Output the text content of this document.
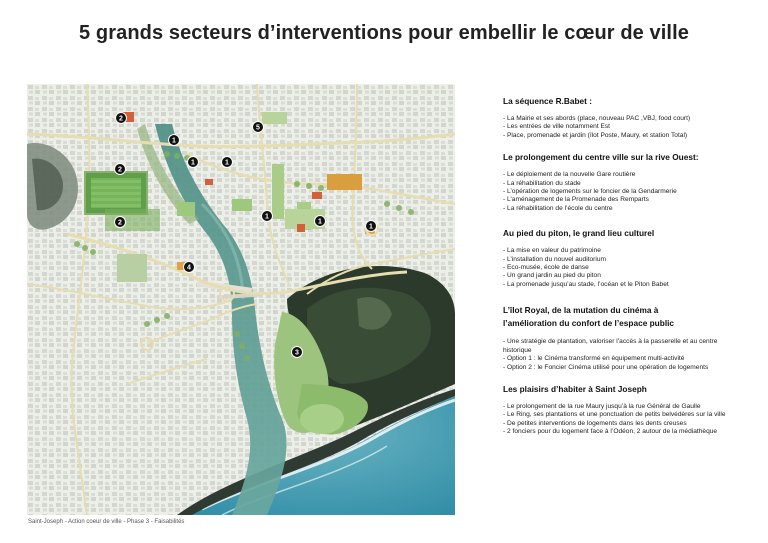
5 grands secteurs d’interventions pour embellir le cœur de ville
2
2
2
1
1	1
1
1
1
5
4
3
Saint-Joseph - Action coeur de ville - Phase 3 - Faisabilités
La séquence R.Babet :
- La Mairie et ses abords (place, nouveau PAC ,VBJ, food court)
- Les entrées de ville notamment Est
- Place, promenade et jardin (îlot Poste, Maury, et station Total)
Le prolongement du centre ville sur la rive Ouest:
- Le déploiement de la nouvelle Gare routière
- La réhabilitation du stade
- L’opération de logements sur le foncier de la Gendarmerie
- L’aménagement de la Promenade des Remparts
- La réhabilitation de l’école du centre
Au pied du piton, le grand lieu culturel
- La mise en valeur du patrimoine
- L’installation du nouvel auditorium
- Eco-musée, école de danse
- Un grand jardin au pied du piton
- La promenade jusqu’au stade, l’océan et le Piton Babet
L’îlot Royal, de la mutation du cinéma à l’amélioration du confort de l’espace public
- Une stratégie de plantation, valoriser l’accès à la passerelle et au centre historique
- Option 1 : le Cinéma transformé en équipement multi-activité
- Option 2 : le Foncier Cinéma utilisé pour une opération de logements
Les plaisirs d’habiter à Saint Joseph
- Le prolongement de la rue Maury jusqu’à la rue Général de Gaulle
- Le Ring, ses plantations et une ponctuation de petits belvédères sur la ville
- De petites interventions de logements dans les dents creuses
- 2 fonciers pour du logement face à l’Odéon, 2 autour de la médiathèque
